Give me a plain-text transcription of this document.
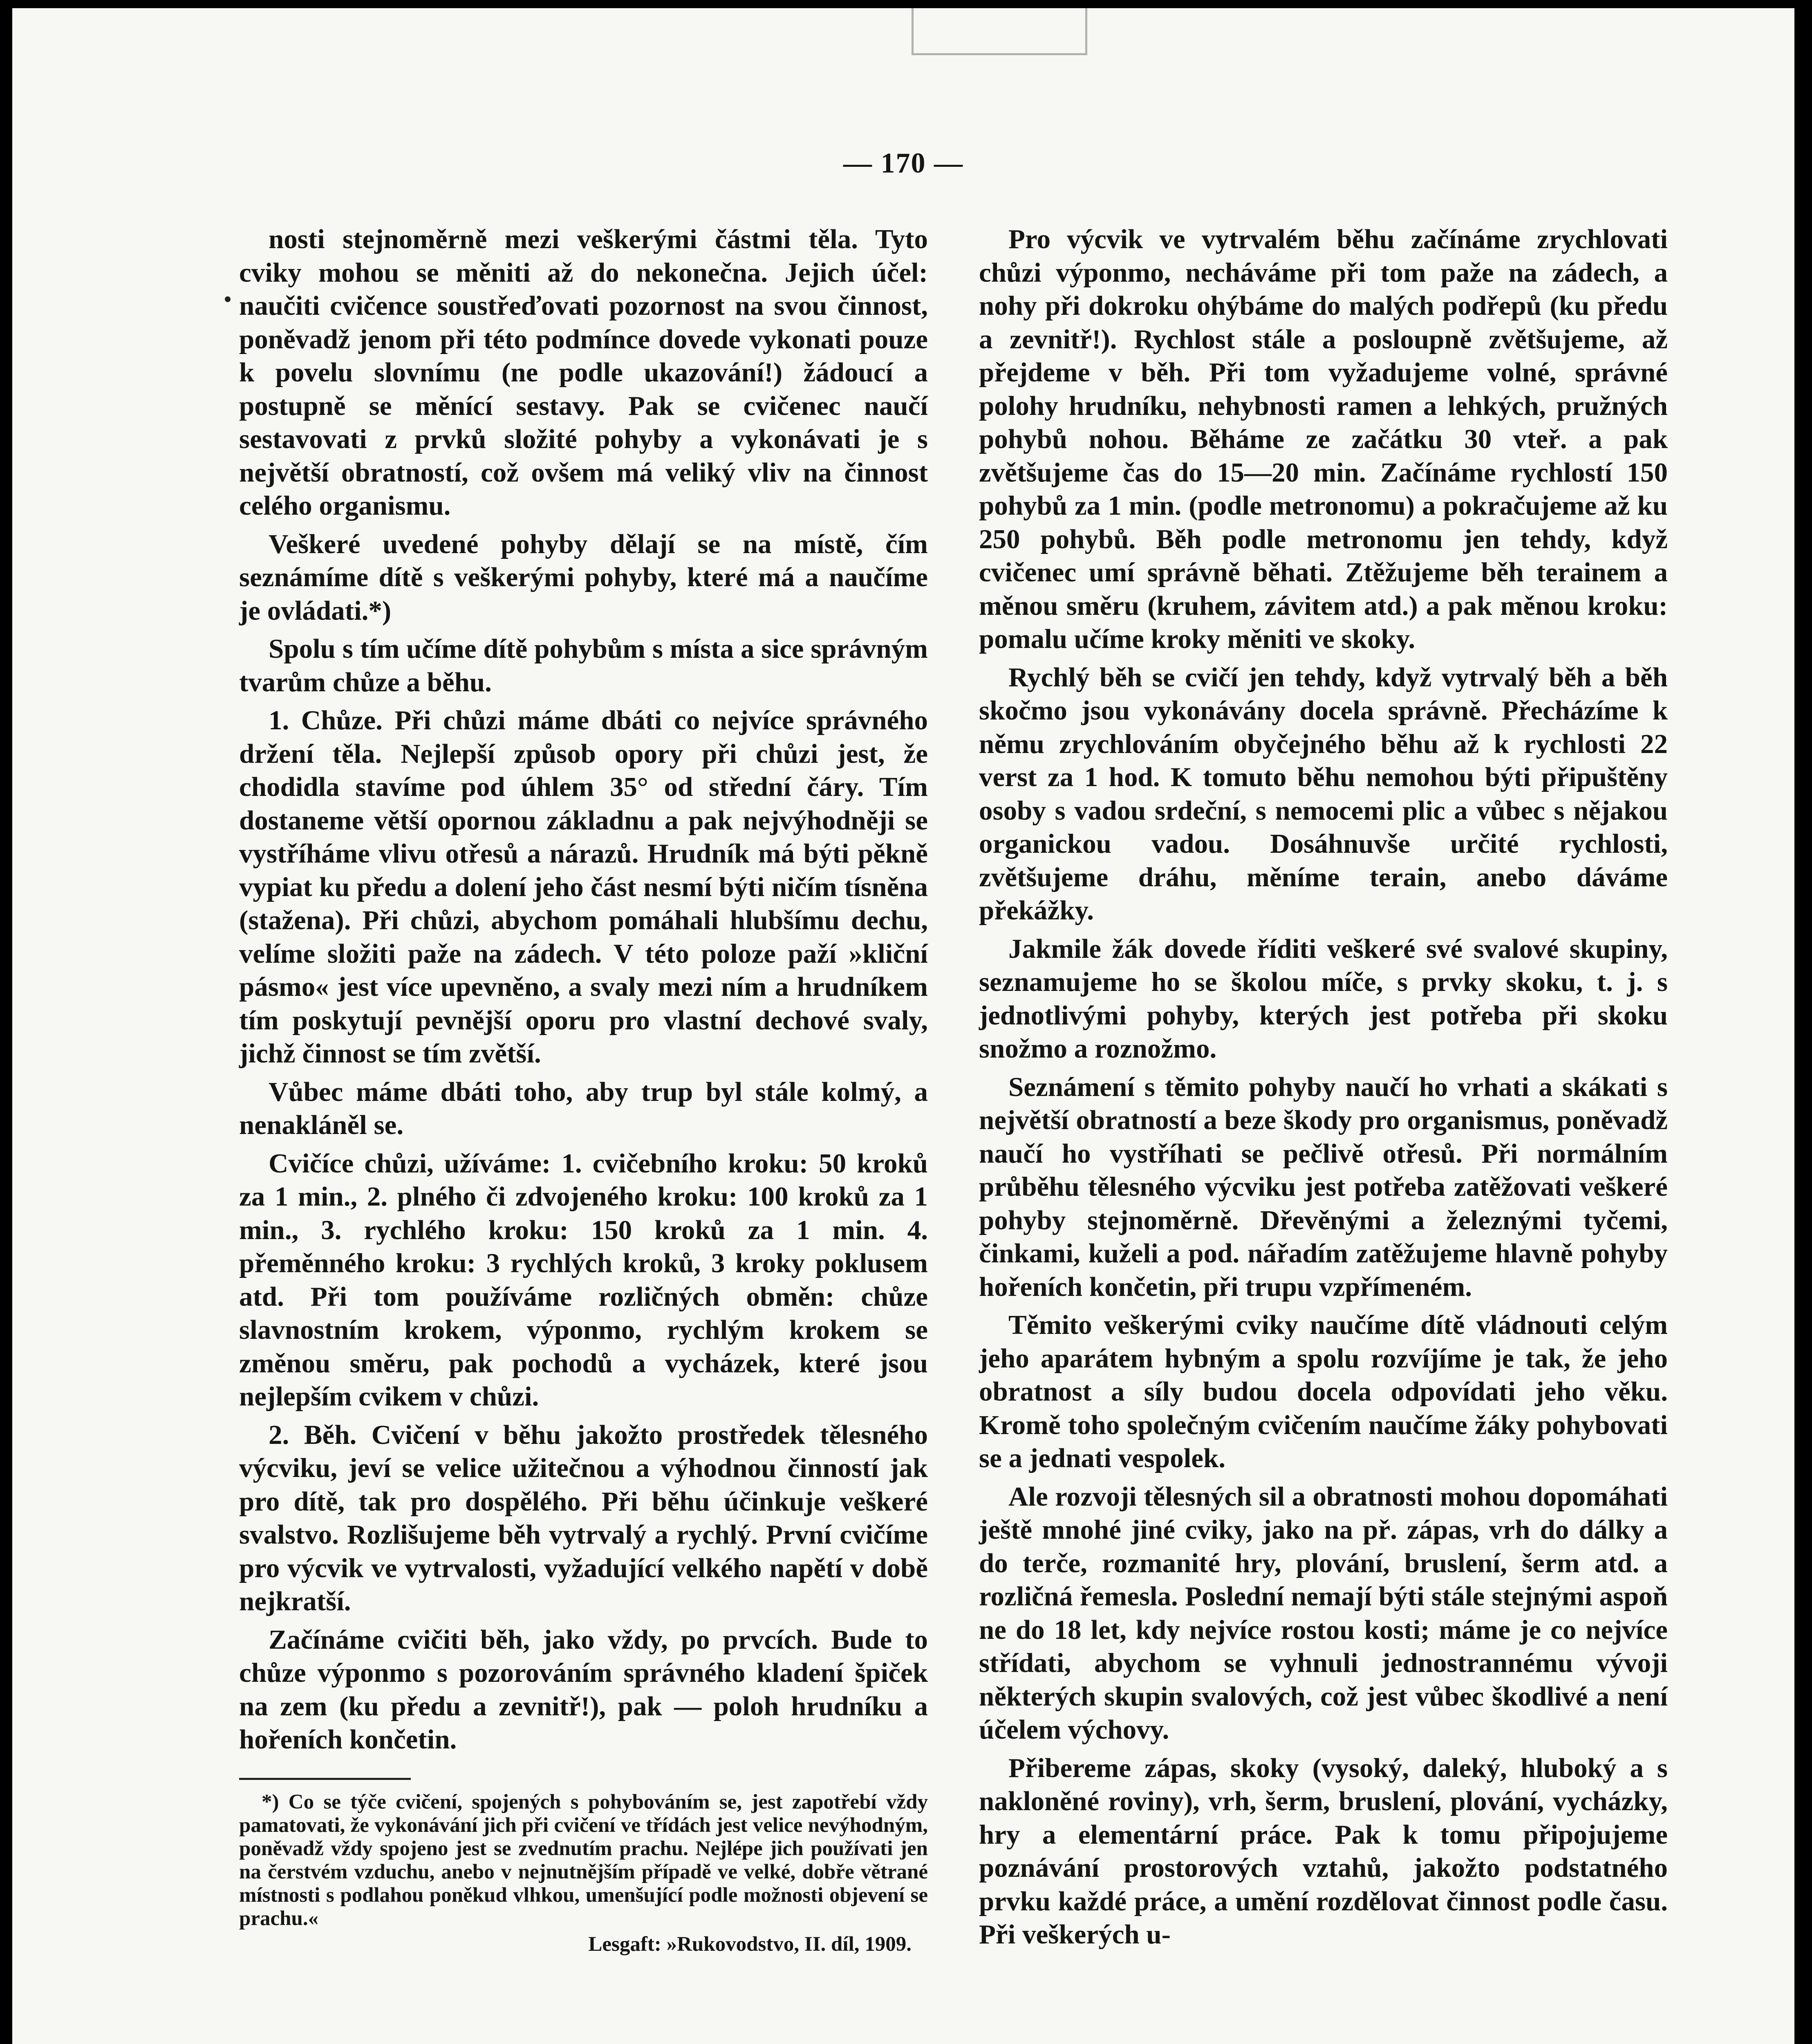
— 170 —

nosti stejnoměrně mezi veškerými částmi těla. Tyto cviky mohou se měniti až do nekonečna. Jejich účel: naučiti cvičence soustřeďovati pozornost na svou činnost, poněvadž jenom při této podmínce dovede vykonati pouze k povelu slovnímu (ne podle ukazování!) žádoucí a postupně se měnící sestavy. Pak se cvičenec naučí sestavovati z prvků složité pohyby a vykonávati je s největší obratností, což ovšem má veliký vliv na činnost celého organismu.

Veškeré uvedené pohyby dělají se na místě, čím seznámíme dítě s veškerými pohyby, které má a naučíme je ovládati.*)

Spolu s tím učíme dítě pohybům s místa a sice správným tvarům chůze a běhu.

1. Chůze. Při chůzi máme dbáti co nejvíce správného držení těla. Nejlepší způsob opory při chůzi jest, že chodidla stavíme pod úhlem 35° od střední čáry. Tím dostaneme větší opornou základnu a pak nejvýhodněji se vystříháme vlivu otřesů a nárazů. Hrudník má býti pěkně vypiat ku předu a dolení jeho část nesmí býti ničím tísněna (stažena). Při chůzi, abychom pomáhali hlubšímu dechu, velíme složiti paže na zádech. V této poloze paží »kliční pásmo« jest více upevněno, a svaly mezi ním a hrudníkem tím poskytují pevnější oporu pro vlastní dechové svaly, jichž činnost se tím zvětší.

Vůbec máme dbáti toho, aby trup byl stále kolmý, a nenakláněl se.

Cvičíce chůzi, užíváme: 1. cvičebního kroku: 50 kroků za 1 min., 2. plného či zdvojeného kroku: 100 kroků za 1 min., 3. rychlého kroku: 150 kroků za 1 min. 4. přeměnného kroku: 3 rychlých kroků, 3 kroky poklusem atd. Při tom používáme rozličných obměn: chůze slavnostním krokem, výponmo, rychlým krokem se změnou směru, pak pochodů a vycházek, které jsou nejlepším cvikem v chůzi.

2. Běh. Cvičení v běhu jakožto prostředek tělesného výcviku, jeví se velice užitečnou a výhodnou činností jak pro dítě, tak pro dospělého. Při běhu účinkuje veškeré svalstvo. Rozlišujeme běh vytrvalý a rychlý. První cvičíme pro výcvik ve vytrvalosti, vyžadující velkého napětí v době nejkratší.

Začínáme cvičiti běh, jako vždy, po prvcích. Bude to chůze výponmo s pozorováním správného kladení špiček na zem (ku předu a zevnitř!), pak — poloh hrudníku a hořeních končetin.

*) Co se týče cvičení, spojených s pohybováním se, jest zapotřebí vždy pamatovati, že vykonávání jich při cvičení ve třídách jest velice nevýhodným, poněvadž vždy spojeno jest se zvednutím prachu. Nejlépe jich používati jen na čerstvém vzduchu, anebo v nejnutnějším případě ve velké, dobře větrané místnosti s podlahou poněkud vlhkou, umenšující podle možnosti objevení se prachu.«

Lesgaft: »Rukovodstvo, II. díl, 1909.

Pro výcvik ve vytrvalém běhu začínáme zrychlovati chůzi výponmo, necháváme při tom paže na zádech, a nohy při dokroku ohýbáme do malých podřepů (ku předu a zevnitř!). Rychlost stále a posloupně zvětšujeme, až přejdeme v běh. Při tom vyžadujeme volné, správné polohy hrudníku, nehybnosti ramen a lehkých, pružných pohybů nohou. Běháme ze začátku 30 vteř. a pak zvětšujeme čas do 15—20 min. Začínáme rychlostí 150 pohybů za 1 min. (podle metronomu) a pokračujeme až ku 250 pohybů. Běh podle metronomu jen tehdy, když cvičenec umí správně běhati. Ztěžujeme běh terainem a měnou směru (kruhem, závitem atd.) a pak měnou kroku: pomalu učíme kroky měniti ve skoky.

Rychlý běh se cvičí jen tehdy, když vytrvalý běh a běh skočmo jsou vykonávány docela správně. Přecházíme k němu zrychlováním obyčejného běhu až k rychlosti 22 verst za 1 hod. K tomuto běhu nemohou býti připuštěny osoby s vadou srdeční, s nemocemi plic a vůbec s nějakou organickou vadou. Dosáhnuvše určité rychlosti, zvětšujeme dráhu, měníme terain, anebo dáváme překážky.

Jakmile žák dovede říditi veškeré své svalové skupiny, seznamujeme ho se školou míče, s prvky skoku, t. j. s jednotlivými pohyby, kterých jest potřeba při skoku snožmo a roznožmo.

Seznámení s těmito pohyby naučí ho vrhati a skákati s největší obratností a beze škody pro organismus, poněvadž naučí ho vystříhati se pečlivě otřesů. Při normálním průběhu tělesného výcviku jest potřeba zatěžovati veškeré pohyby stejnoměrně. Dřevěnými a železnými tyčemi, činkami, kuželi a pod. nářadím zatěžujeme hlavně pohyby hořeních končetin, při trupu vzpřímeném.

Těmito veškerými cviky naučíme dítě vládnouti celým jeho aparátem hybným a spolu rozvíjíme je tak, že jeho obratnost a síly budou docela odpovídati jeho věku. Kromě toho společným cvičením naučíme žáky pohybovati se a jednati vespolek.

Ale rozvoji tělesných sil a obratnosti mohou dopomáhati ještě mnohé jiné cviky, jako na př. zápas, vrh do dálky a do terče, rozmanité hry, plování, bruslení, šerm atd. a rozličná řemesla. Poslední nemají býti stále stejnými aspoň ne do 18 let, kdy nejvíce rostou kosti; máme je co nejvíce střídati, abychom se vyhnuli jednostrannému vývoji některých skupin svalových, což jest vůbec škodlivé a není účelem výchovy.

Přibereme zápas, skoky (vysoký, daleký, hluboký a s nakloněné roviny), vrh, šerm, bruslení, plování, vycházky, hry a elementární práce. Pak k tomu připojujeme poznávání prostorových vztahů, jakožto podstatného prvku každé práce, a umění rozdělovat činnost podle času. Při veškerých u-
